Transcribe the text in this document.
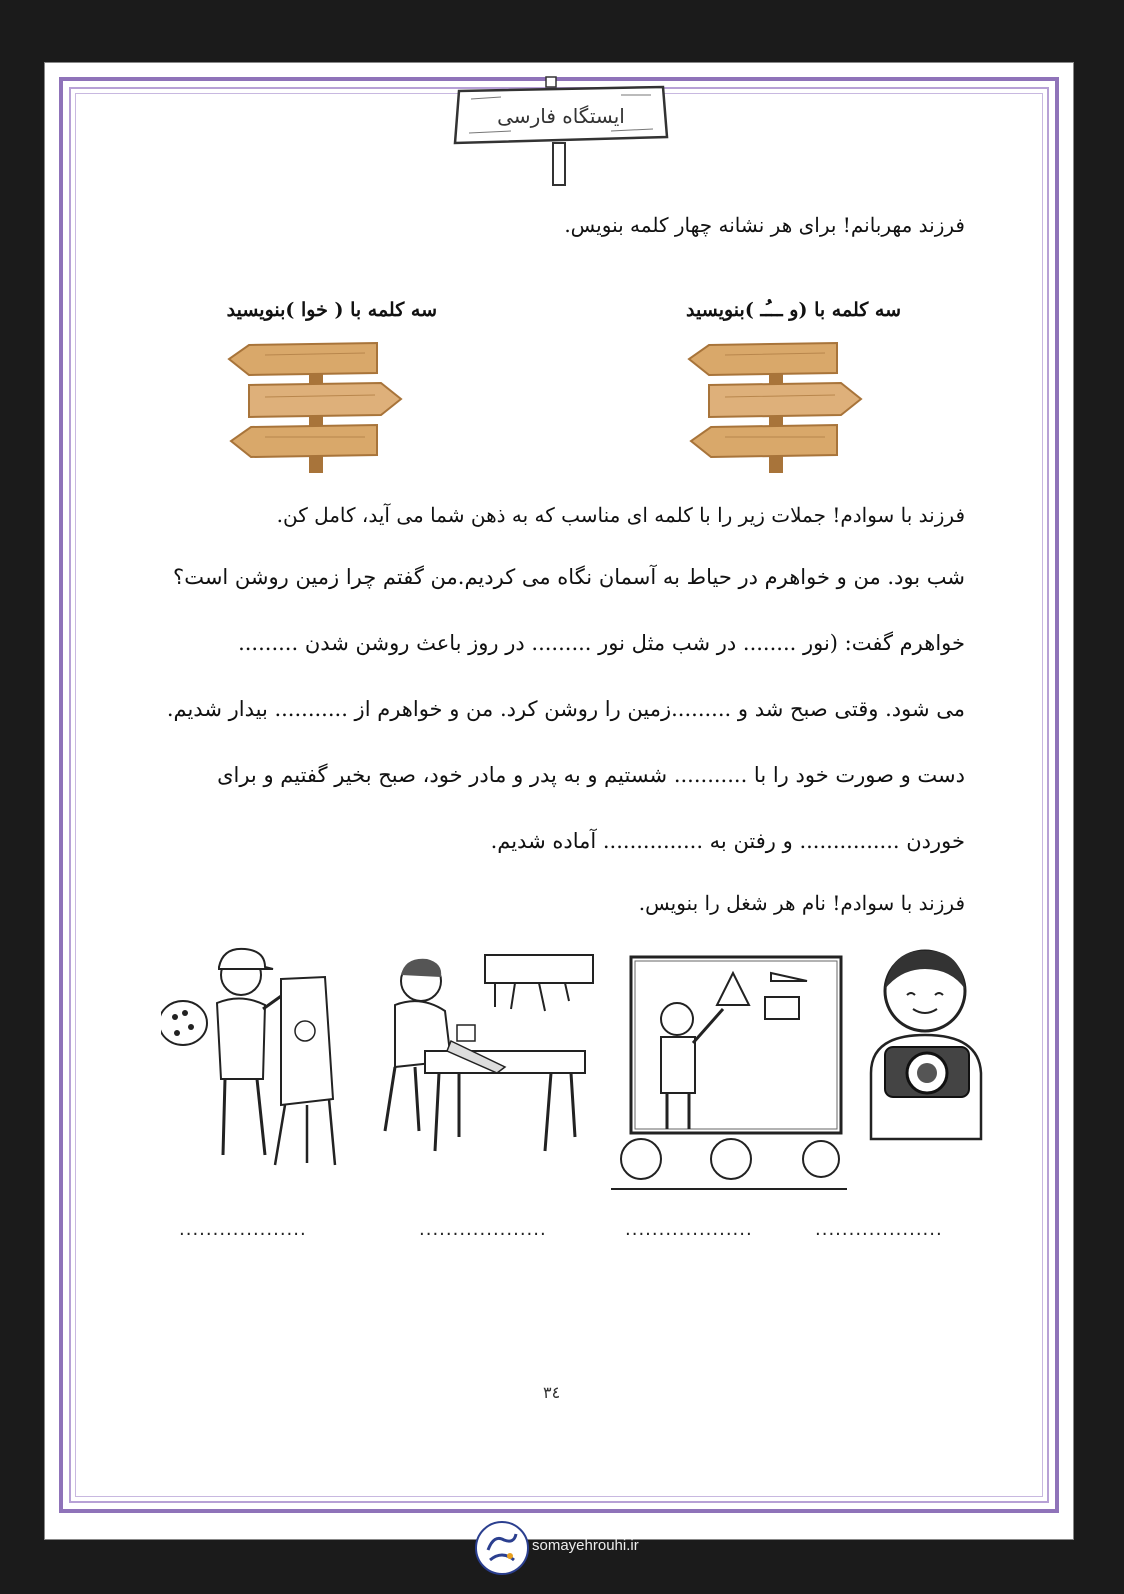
ایستگاه فارسی
فرزند مهربانم! برای هر نشانه چهار کلمه بنویس.
سه کلمه با (و ـــُـ )بنویسید
سه کلمه با ( خوا )بنویسید
فرزند با سوادم! جملات زیر را با کلمه ای مناسب که به ذهن شما می آید، کامل کن.
شب بود. من و خواهرم در حیاط به آسمان نگاه می کردیم.من گفتم چرا زمین روشن است؟
خواهرم گفت: (نور ........ در شب مثل نور ......... در روز باعث روشن شدن .........
می شود. وقتی صبح شد و .........زمین را روشن کرد. من و خواهرم از ........... بیدار شدیم.
دست و صورت خود را با ........... شستیم و به پدر و مادر خود، صبح بخیر گفتیم و برای
خوردن ............... و رفتن به ............... آماده شدیم.
فرزند با سوادم! نام هر شغل را بنویس.
...................
...................
...................
...................
۳٤
somayehrouhi.ir
